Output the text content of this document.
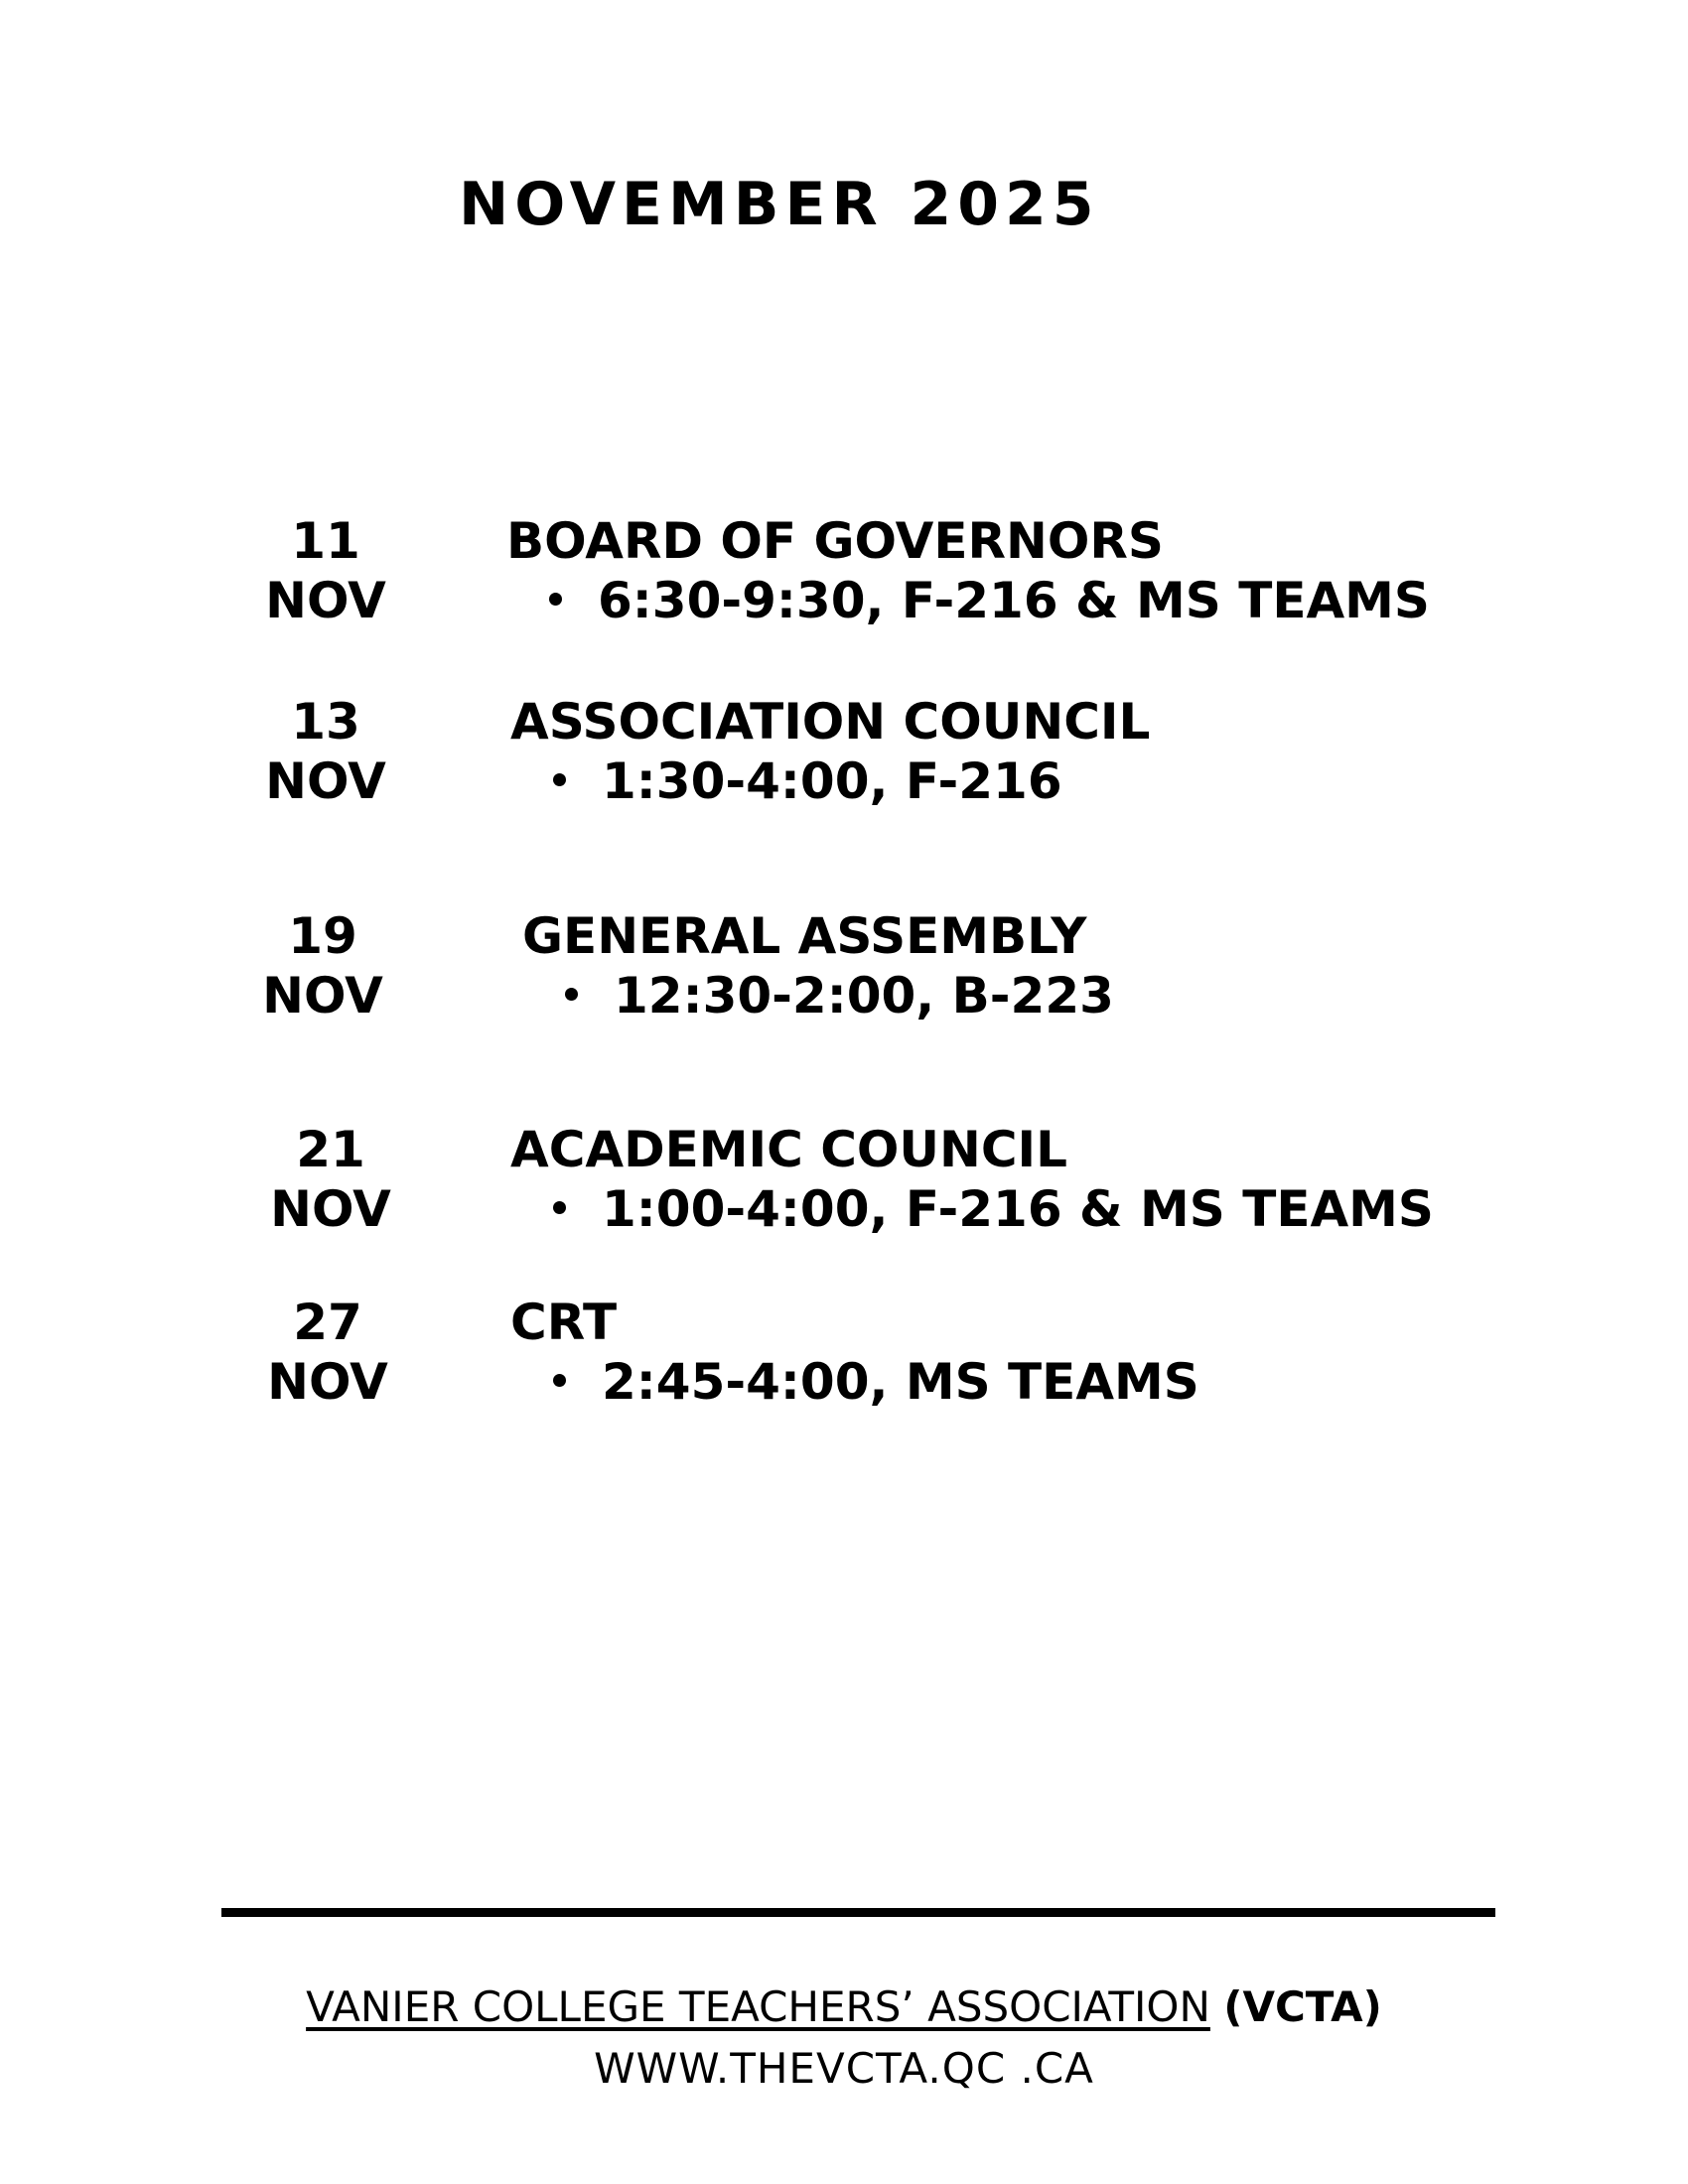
NOVEMBER 2025
11
NOV
BOARD OF GOVERNORS
6:30-9:30, F-216 & MS TEAMS
13
NOV
ASSOCIATION COUNCIL
1:30-4:00, F-216
19
NOV
GENERAL ASSEMBLY
12:30-2:00, B-223
21
NOV
ACADEMIC COUNCIL
1:00-4:00, F-216 & MS TEAMS
27
NOV
CRT
2:45-4:00, MS TEAMS
VANIER COLLEGE TEACHERS’ ASSOCIATION (VCTA)
WWW.THEVCTA.QC .CA
